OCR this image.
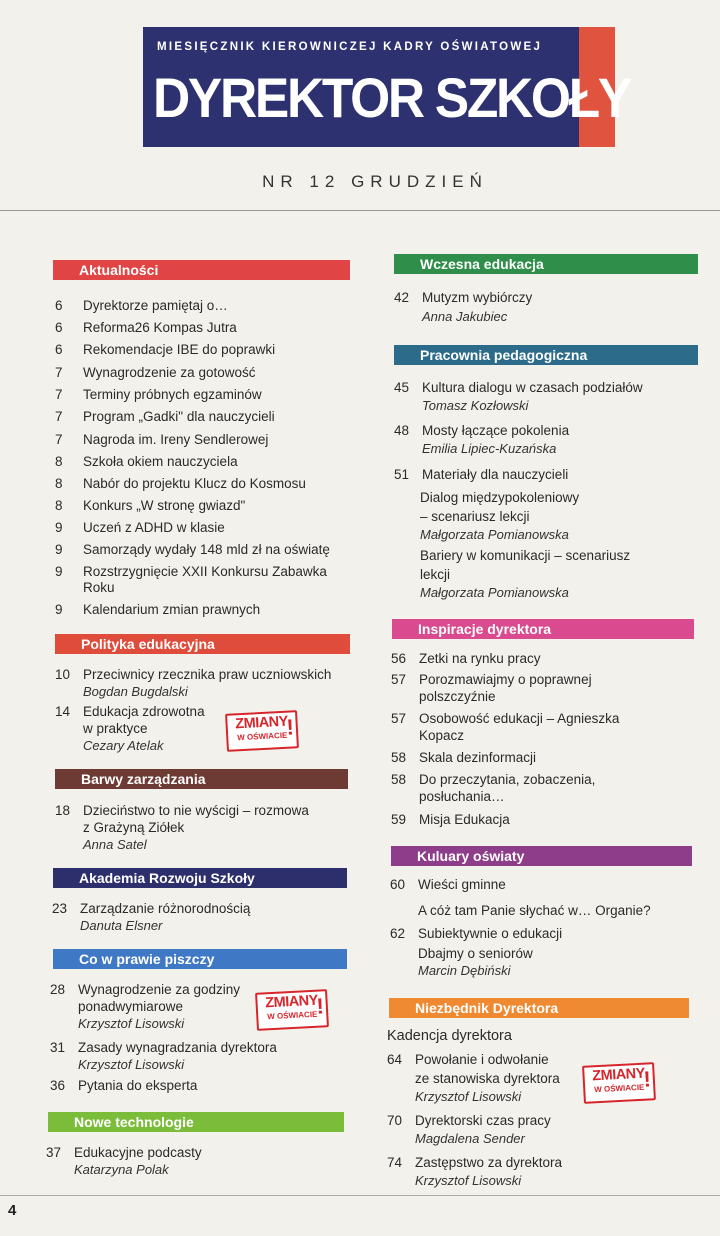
MIESIĘCZNIK KIEROWNICZEJ KADRY OŚWIATOWEJ
DYREKTOR SZKOŁY
NR 12 GRUDZIEŃ
Aktualności
6	Dyrektorze pamiętaj o…
6	Reforma26 Kompas Jutra
6	Rekomendacje IBE do poprawki
7	Wynagrodzenie za gotowość
7	Terminy próbnych egzaminów
7	Program „Gadki" dla nauczycieli
7	Nagroda im. Ireny Sendlerowej
8	Szkoła okiem nauczyciela
8	Nabór do projektu Klucz do Kosmosu
8	Konkurs „W stronę gwiazd"
9	Uczeń z ADHD w klasie
9	Samorządy wydały 148 mld zł na oświatę
9	Rozstrzygnięcie XXII Konkursu Zabawka
Roku
9	Kalendarium zmian prawnych
Polityka edukacyjna
10 Przeciwnicy rzecznika praw uczniowskich
Bogdan Bugdalski
14 Edukacja zdrowotna
w praktyce
Cezary Atelak
ZMIANY
W OŚWIACIE
!
Barwy zarządzania
18 Dzieciństwo to nie wyścigi – rozmowa
z Grażyną Ziółek
Anna Satel
Akademia Rozwoju Szkoły
23 Zarządzanie różnorodnością
Danuta Elsner
Co w prawie piszczy
28 Wynagrodzenie za godziny
ponadwymiarowe
Krzysztof Lisowski
ZMIANY
W OŚWIACIE
!
31 Zasady wynagradzania dyrektora
Krzysztof Lisowski
36 Pytania do eksperta
Nowe technologie
37 Edukacyjne podcasty
Katarzyna Polak
Wczesna edukacja
42 Mutyzm wybiórczy
Anna Jakubiec
Pracownia pedagogiczna
45 Kultura dialogu w czasach podziałów
Tomasz Kozłowski
48 Mosty łączące pokolenia
Emilia Lipiec-Kuzańska
51 Materiały dla nauczycieli
Dialog międzypokoleniowy
– scenariusz lekcji
Małgorzata Pomianowska
Bariery w komunikacji – scenariusz
lekcji
Małgorzata Pomianowska
Inspiracje dyrektora
56 Zetki na rynku pracy
57 Porozmawiajmy o poprawnej
polszczyźnie
57 Osobowość edukacji – Agnieszka
Kopacz
58 Skala dezinformacji
58 Do przeczytania, zobaczenia,
posłuchania…
59 Misja Edukacja
Kuluary oświaty
60 Wieści gminne
A cóż tam Panie słychać w… Organie?
62 Subiektywnie o edukacji
Dbajmy o seniorów
Marcin Dębiński
Niezbędnik Dyrektora
Kadencja dyrektora
64 Powołanie i odwołanie
ze stanowiska dyrektora
Krzysztof Lisowski
ZMIANY
W OŚWIACIE
!
70 Dyrektorski czas pracy
Magdalena Sender
74 Zastępstwo za dyrektora
Krzysztof Lisowski
4
